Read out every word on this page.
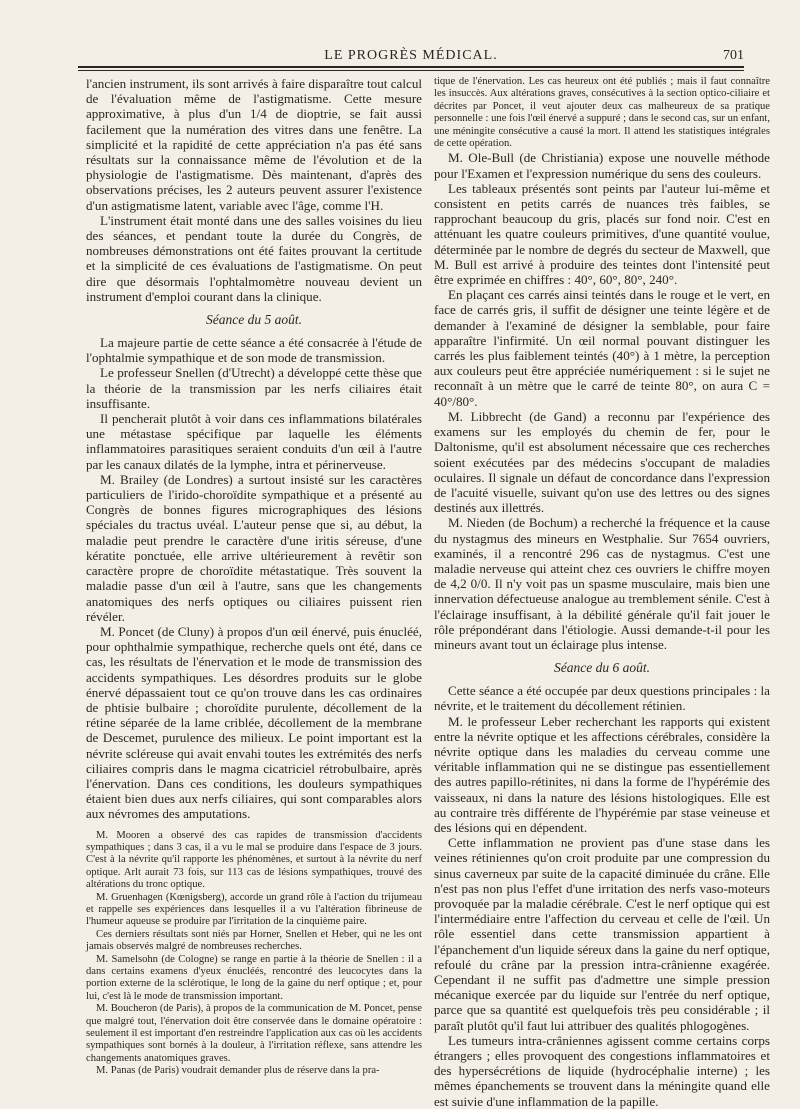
LE PROGRÈS MÉDICAL.	701

l'ancien instrument, ils sont arrivés à faire disparaître tout calcul de l'évaluation même de l'astigmatisme. Cette mesure approximative, à plus d'un 1/4 de dioptrie, se fait aussi facilement que la numération des vitres dans une fenêtre. La simplicité et la rapidité de cette appréciation n'a pas été sans résultats sur la connaissance même de l'évolution et de la physiologie de l'astigmatisme. Dès maintenant, d'après des observations précises, les 2 auteurs peuvent assurer l'existence d'un astigmatisme latent, variable avec l'âge, comme l'H.

L'instrument était monté dans une des salles voisines du lieu des séances, et pendant toute la durée du Congrès, de nombreuses démonstrations ont été faites prouvant la certitude et la simplicité de ces évaluations de l'astigmatisme. On peut dire que désormais l'ophtalmomètre nouveau devient un instrument d'emploi courant dans la clinique.

Séance du 5 août.

La majeure partie de cette séance a été consacrée à l'étude de l'ophtalmie sympathique et de son mode de transmission.

Le professeur Snellen (d'Utrecht) a développé cette thèse que la théorie de la transmission par les nerfs ciliaires était insuffisante.

Il pencherait plutôt à voir dans ces inflammations bilatérales une métastase spécifique par laquelle les éléments inflammatoires parasitiques seraient conduits d'un œil à l'autre par les canaux dilatés de la lymphe, intra et périnerveuse.

M. Brailey (de Londres) a surtout insisté sur les caractères particuliers de l'irido-choroïdite sympathique et a présenté au Congrès de bonnes figures micrographiques des lésions spéciales du tractus uvéal. L'auteur pense que si, au début, la maladie peut prendre le caractère d'une iritis séreuse, d'une kératite ponctuée, elle arrive ultérieurement à revêtir son caractère propre de choroïdite métastatique. Très souvent la maladie passe d'un œil à l'autre, sans que les changements anatomiques des nerfs optiques ou ciliaires puissent rien révéler.

M. Poncet (de Cluny) à propos d'un œil énervé, puis énucléé, pour ophthalmie sympathique, recherche quels ont été, dans ce cas, les résultats de l'énervation et le mode de transmission des accidents sympathiques. Les désordres produits sur le globe énervé dépassaient tout ce qu'on trouve dans les cas ordinaires de phtisie bulbaire ; choroïdite purulente, décollement de la rétine séparée de la lame criblée, décollement de la membrane de Descemet, purulence des milieux. Le point important est la névrite scléreuse qui avait envahi toutes les extrémités des nerfs ciliaires compris dans le magma cicatriciel rétrobulbaire, après l'énervation. Dans ces conditions, les douleurs sympathiques étaient bien dues aux nerfs ciliaires, qui sont comparables alors aux névromes des amputations.

M. Mooren a observé des cas rapides de transmission d'accidents sympathiques ; dans 3 cas, il a vu le mal se produire dans l'espace de 3 jours. C'est à la névrite qu'il rapporte les phénomènes, et surtout à la névrite du nerf optique. Arlt aurait 73 fois, sur 113 cas de lésions sympathiques, trouvé des altérations du tronc optique.

M. Gruenhagen (Kœnigsberg), accorde un grand rôle à l'action du trijumeau et rappelle ses expériences dans lesquelles il a vu l'altération fibrineuse de l'humeur aqueuse se produire par l'irritation de la cinquième paire.

Ces derniers résultats sont niés par Horner, Snellen et Heber, qui ne les ont jamais observés malgré de nombreuses recherches.

M. Samelsohn (de Cologne) se range en partie à la théorie de Snellen : il a dans certains examens d'yeux énucléés, rencontré des leucocytes dans la portion externe de la sclérotique, le long de la gaine du nerf optique ; et, pour lui, c'est là le mode de transmission important.

M. Boucheron (de Paris), à propos de la communication de M. Poncet, pense que malgré tout, l'énervation doit être conservée dans le domaine opératoire : seulement il est important d'en restreindre l'application aux cas où les accidents sympathiques sont bornés à la douleur, à l'irritation réflexe, sans attendre les changements anatomiques graves.

M. Panas (de Paris) voudrait demander plus de réserve dans la pra-

tique de l'énervation. Les cas heureux ont été publiés ; mais il faut connaître les insuccès. Aux altérations graves, consécutives à la section optico-ciliaire et décrites par Poncet, il veut ajouter deux cas malheureux de sa pratique personnelle : une fois l'œil énervé a suppuré ; dans le second cas, sur un enfant, une méningite consécutive a causé la mort. Il attend les statistiques intégrales de cette opération.

M. Ole-Bull (de Christiania) expose une nouvelle méthode pour l'Examen et l'expression numérique du sens des couleurs.

Les tableaux présentés sont peints par l'auteur lui-même et consistent en petits carrés de nuances très faibles, se rapprochant beaucoup du gris, placés sur fond noir. C'est en atténuant les quatre couleurs primitives, d'une quantité voulue, déterminée par le nombre de degrés du secteur de Maxwell, que M. Bull est arrivé à produire des teintes dont l'intensité peut être exprimée en chiffres : 40°, 60°, 80°, 240°.

En plaçant ces carrés ainsi teintés dans le rouge et le vert, en face de carrés gris, il suffit de désigner une teinte légère et de demander à l'examiné de désigner la semblable, pour faire apparaître l'infirmité. Un œil normal pouvant distinguer les carrés les plus faiblement teintés (40°) à 1 mètre, la perception aux couleurs peut être appréciée numériquement : si le sujet ne reconnaît à un mètre que le carré de teinte 80°, on aura C = 40°/80°.

M. Libbrecht (de Gand) a reconnu par l'expérience des examens sur les employés du chemin de fer, pour le Daltonisme, qu'il est absolument nécessaire que ces recherches soient exécutées par des médecins s'occupant de maladies oculaires. Il signale un défaut de concordance dans l'expression de l'acuité visuelle, suivant qu'on use des lettres ou des signes destinés aux illettrés.

M. Nieden (de Bochum) a recherché la fréquence et la cause du nystagmus des mineurs en Westphalie. Sur 7654 ouvriers, examinés, il a rencontré 296 cas de nystagmus. C'est une maladie nerveuse qui atteint chez ces ouvriers le chiffre moyen de 4,2 0/0. Il n'y voit pas un spasme musculaire, mais bien une innervation défectueuse analogue au tremblement sénile. C'est à l'éclairage insuffisant, à la débilité générale qu'il fait jouer le rôle prépondérant dans l'étiologie. Aussi demande-t-il pour les mineurs avant tout un éclairage plus intense.

Séance du 6 août.

Cette séance a été occupée par deux questions principales : la névrite, et le traitement du décollement rétinien.

M. le professeur Leber recherchant les rapports qui existent entre la névrite optique et les affections cérébrales, considère la névrite optique dans les maladies du cerveau comme une véritable inflammation qui ne se distingue pas essentiellement des autres papillo-rétinites, ni dans la forme de l'hypérémie des vaisseaux, ni dans la nature des lésions histologiques. Elle est au contraire très différente de l'hypérémie par stase veineuse et des lésions qui en dépendent.

Cette inflammation ne provient pas d'une stase dans les veines rétiniennes qu'on croit produite par une compression du sinus caverneux par suite de la capacité diminuée du crâne. Elle n'est pas non plus l'effet d'une irritation des nerfs vaso-moteurs provoquée par la maladie cérébrale. C'est le nerf optique qui est l'intermédiaire entre l'affection du cerveau et celle de l'œil. Un rôle essentiel dans cette transmission appartient à l'épanchement d'un liquide séreux dans la gaine du nerf optique, refoulé du crâne par la pression intra-crânienne exagérée. Cependant il ne suffit pas d'admettre une simple pression mécanique exercée par du liquide sur l'entrée du nerf optique, parce que sa quantité est quelquefois très peu considérable ; il paraît plutôt qu'il faut lui attribuer des qualités phlogogènes.

Les tumeurs intra-crâniennes agissent comme certains corps étrangers ; elles provoquent des congestions inflammatoires et des hypersécrétions de liquide (hydrocéphalie interne) ; les mêmes épanchements se trouvent dans la méningite quand elle est suivie d'une inflammation de la papille.
